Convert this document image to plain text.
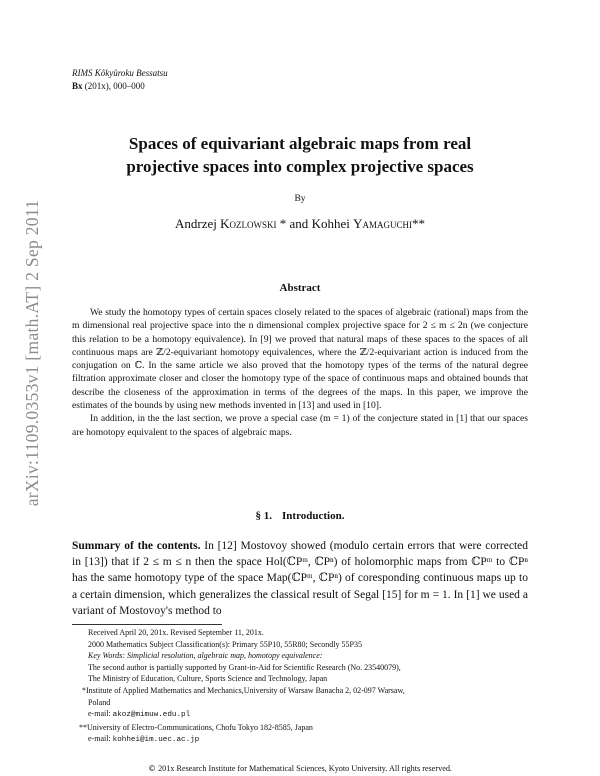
arXiv:1109.0353v1 [math.AT] 2 Sep 2011
RIMS Kôkyûroku Bessatsu
Bx (201x), 000–000
Spaces of equivariant algebraic maps from real
projective spaces into complex projective spaces
By
Andrzej Kozlowski * and Kohhei Yamaguchi**
Abstract

We study the homotopy types of certain spaces closely related to the spaces of algebraic (rational) maps from the m dimensional real projective space into the n dimensional complex projective space for 2 ≤ m ≤ 2n (we conjecture this relation to be a homotopy equivalence). In [9] we proved that natural maps of these spaces to the spaces of all continuous maps are ℤ/2-equivariant homotopy equivalences, where the ℤ/2-equivariant action is induced from the conjugation on ℂ. In the same article we also proved that the homotopy types of the terms of the natural degree filtration approximate closer and closer the homotopy type of the space of continuous maps and obtained bounds that describe the closeness of the approximation in terms of the degrees of the maps. In this paper, we improve the estimates of the bounds by using new methods invented in [13] and used in [10].

In addition, in the the last section, we prove a special case (m = 1) of the conjecture stated in [1] that our spaces are homotopy equivalent to the spaces of algebraic maps.

§ 1. Introduction.

Summary of the contents. In [12] Mostovoy showed (modulo certain errors that were corrected in [13]) that if 2 ≤ m ≤ n then the space Hol(ℂPᵐ, ℂPⁿ) of holomorphic maps from ℂPᵐ to ℂPⁿ has the same homotopy type of the space Map(ℂPᵐ, ℂPⁿ) of coresponding continuous maps up to a certain dimension, which generalizes the classical result of Segal [15] for m = 1. In [1] we used a variant of Mostovoy's method to

Received April 20, 201x. Revised September 11, 201x.
2000 Mathematics Subject Classification(s): Primary 55P10, 55R80; Secondly 55P35
Key Words: Simplicial resolution, algebraic map, homotopy equivalence:
The second author is partially supported by Grant-in-Aid for Scientific Research (No. 23540079),
The Ministry of Education, Culture, Sports Science and Technology, Japan
*Institute of Applied Mathematics and Mechanics,University of Warsaw Banacha 2, 02-097 Warsaw,
Poland
e-mail: akoz@mimuw.edu.pl
**University of Electro-Communications, Chofu Tokyo 182-8585, Japan
e-mail: kohhei@im.uec.ac.jp
© 201x Research Institute for Mathematical Sciences, Kyoto University. All rights reserved.
